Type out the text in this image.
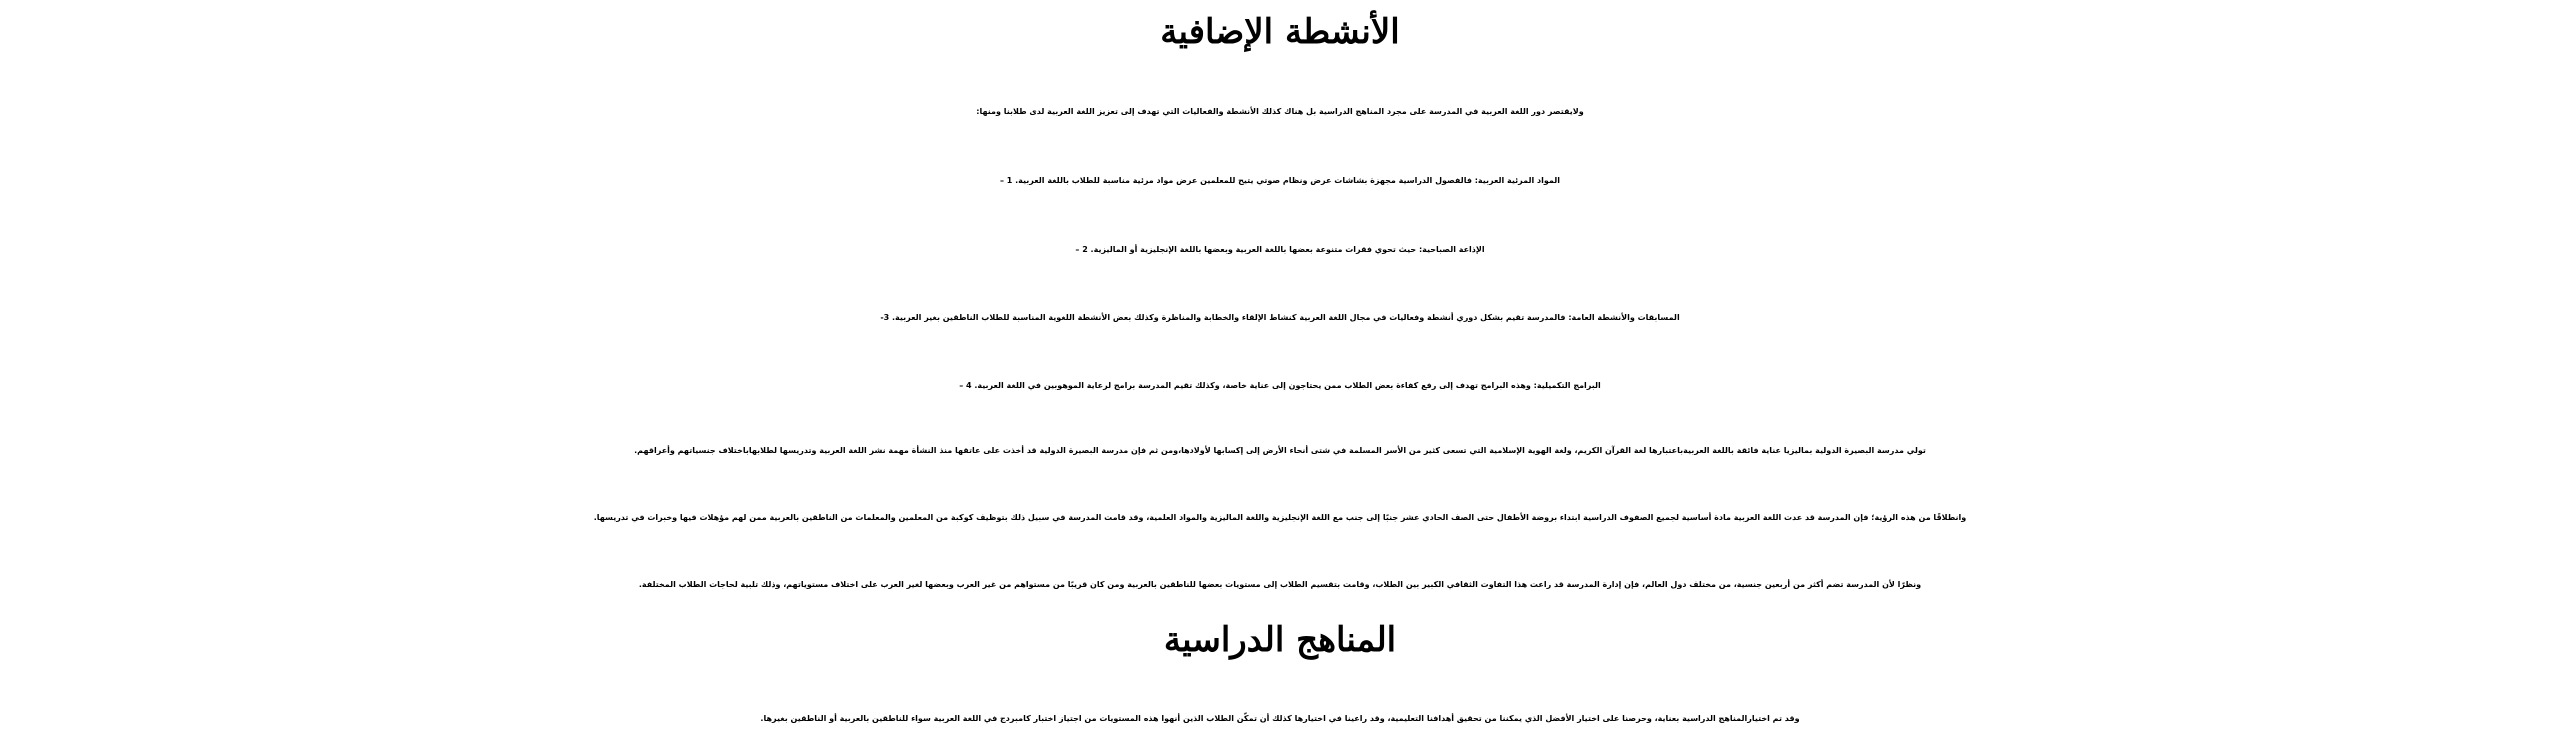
الأنشطة الإضافية

ولايقتصر دور اللغة العربية في المدرسة على مجرد المناهج الدراسية بل هناك كذلك الأنشطة والفعاليات التي تهدف إلى تعزيز اللغة العربية لدى طلابنا ومنها:

المواد المرئية العربية: فالفصول الدراسية مجهزة بشاشات عرض ونظام صوتي يتيح للمعلمين عرض مواد مرئية مناسبة للطلاب باللغة العربية. 1 –

الإذاعة الصباحية: حيث تحوي فقرات متنوعة بعضها باللغة العربية وبعضها باللغة الإنجليزية أو الماليزية. 2 –

المسابقات والأنشطة العامة: فالمدرسة تقيم بشكل دوري أنشطة وفعاليات في مجال اللغة العربية كنشاط الإلقاء والخطابة والمناظرة وكذلك بعض الأنشطة اللغوية المناسبة للطلاب الناطقين بغير العربية. 3-

البرامج التكميلية: وهذه البرامج تهدف إلى رفع كفاءة بعض الطلاب ممن يحتاجون إلى عناية خاصة، وكذلك تقيم المدرسة برامج لرعاية الموهوبين في اللغة العربية. 4 –

تولي مدرسة البصيرة الدولية بماليزيا عناية فائقة باللغة العربيةباعتبارها لغة القرآن الكريم، ولغة الهوية الإسلامية التي تسعى كثير من الأسر المسلمة في شتى أنحاء الأرض إلى إكسابها لأولادها،ومن ثم فإن مدرسة البصيرة الدولية قد أخذت على عاتقها منذ النشأة مهمة نشر اللغة العربية وتدريسها لطلابهاباختلاف جنسياتهم وأعراقهم.

وانطلاقًا من هذه الرؤية؛ فإن المدرسة قد عدت اللغة العربية مادة أساسية لجميع الصفوف الدراسية ابتداء بروضة الأطفال حتى الصف الحادي عشر جنبًا إلى جنب مع اللغة الإنجليزية واللغة الماليزية والمواد العلمية، وقد قامت المدرسة في سبيل ذلك بتوظيف كوكبة من المعلمين والمعلمات من الناطقين بالعربية ممن لهم مؤهلات فيها وخبرات في تدريسها.

ونظرًا لأن المدرسة تضم أكثر من أربعين جنسية، من مختلف دول العالم، فإن إدارة المدرسة قد راعت هذا التفاوت الثقافي الكبير بين الطلاب، وقامت بتقسيم الطلاب إلى مستويات بعضها للناطقين بالعربية ومن كان قريبًا من مستواهم من غير العرب وبعضها لغير العرب على اختلاف مستوياتهم، وذلك تلبية لحاجات الطلاب المختلفة.

المناهج الدراسية

وقد تم اختيارالمناهج الدراسية بعناية، وحرصنا على اختيار الأفضل الذي يمكننا من تحقيق أهدافنا التعليمية، وقد راعينا في اختيارها كذلك أن تمكّن الطلاب الذين أنهوا هذه المستويات من اجتياز اختبار كامبردج في اللغة العربية سواء للناطقين بالعربية أو الناطقين بغيرها.
